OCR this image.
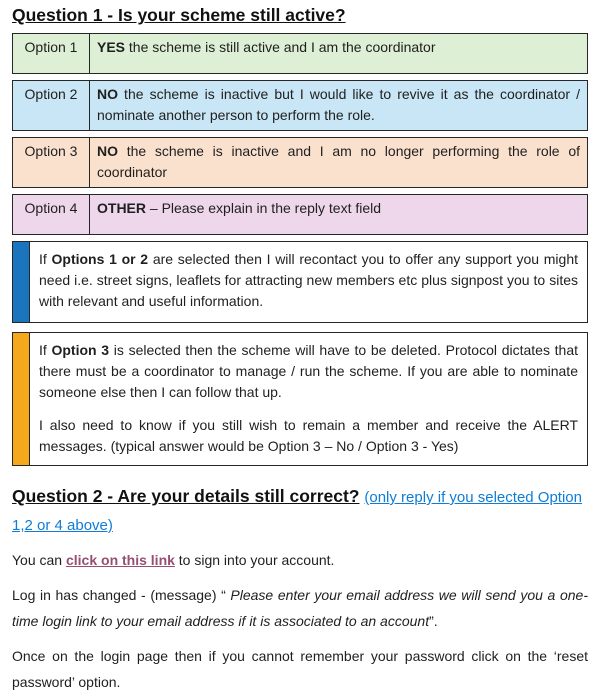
Question 1 - Is your scheme still active?
Option 1	YES the scheme is still active and I am the coordinator
Option 2	NO the scheme is inactive but I would like to revive it as the coordinator / nominate another person to perform the role.
Option 3	NO the scheme is inactive and I am no longer performing the role of coordinator
Option 4	OTHER – Please explain in the reply text field

If Options 1 or 2 are selected then I will recontact you to offer any support you might need i.e. street signs, leaflets for attracting new members etc plus signpost you to sites with relevant and useful information.

If Option 3 is selected then the scheme will have to be deleted. Protocol dictates that there must be a coordinator to manage / run the scheme. If you are able to nominate someone else then I can follow that up.

I also need to know if you still wish to remain a member and receive the ALERT messages. (typical answer would be Option 3 – No / Option 3 - Yes)

Question 2 - Are your details still correct? (only reply if you selected Option 1,2 or 4 above)

You can click on this link to sign into your account.

Log in has changed - (message) “ Please enter your email address we will send you a one-time login link to your email address if it is associated to an account”.

Once on the login page then if you cannot remember your password click on the ‘reset password’ option.
